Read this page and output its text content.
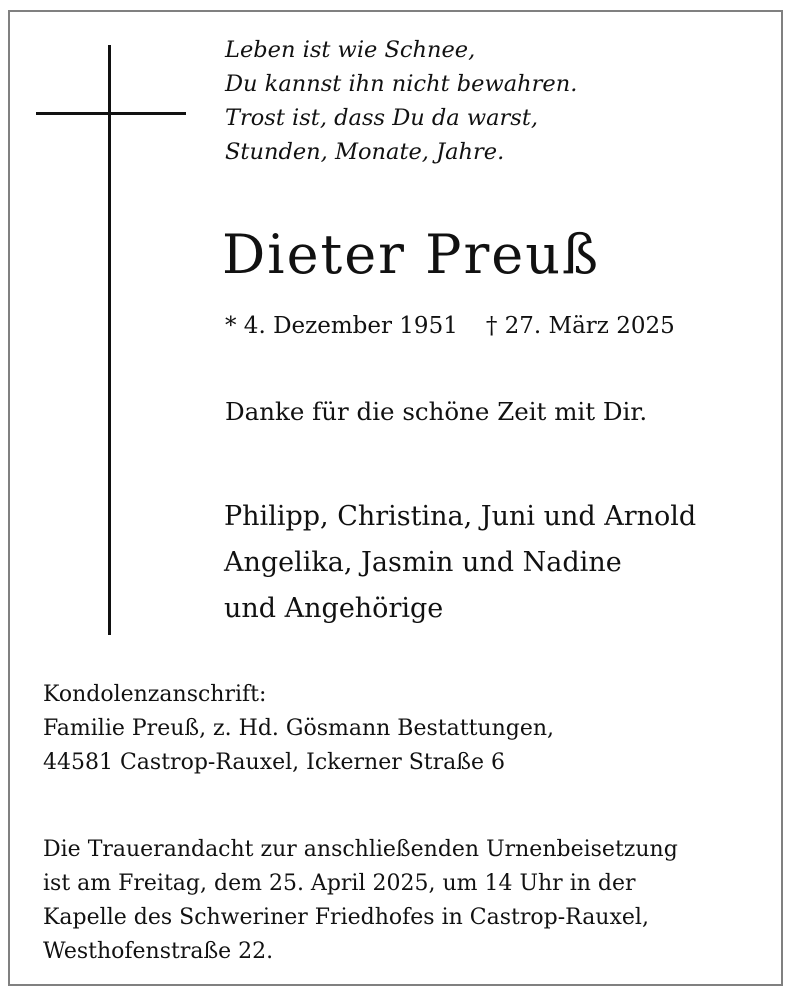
Leben ist wie Schnee,
Du kannst ihn nicht bewahren.
Trost ist, dass Du da warst,
Stunden, Monate, Jahre.
Dieter Preuß
* 4. Dezember 1951 † 27. März 2025
Danke für die schöne Zeit mit Dir.
Philipp, Christina, Juni und Arnold
Angelika, Jasmin und Nadine
und Angehörige
Kondolenzanschrift:
Familie Preuß, z. Hd. Gösmann Bestattungen,
44581 Castrop-Rauxel, Ickerner Straße 6
Die Trauerandacht zur anschließenden Urnenbeisetzung
ist am Freitag, dem 25. April 2025, um 14 Uhr in der
Kapelle des Schweriner Friedhofes in Castrop-Rauxel,
Westhofenstraße 22.
